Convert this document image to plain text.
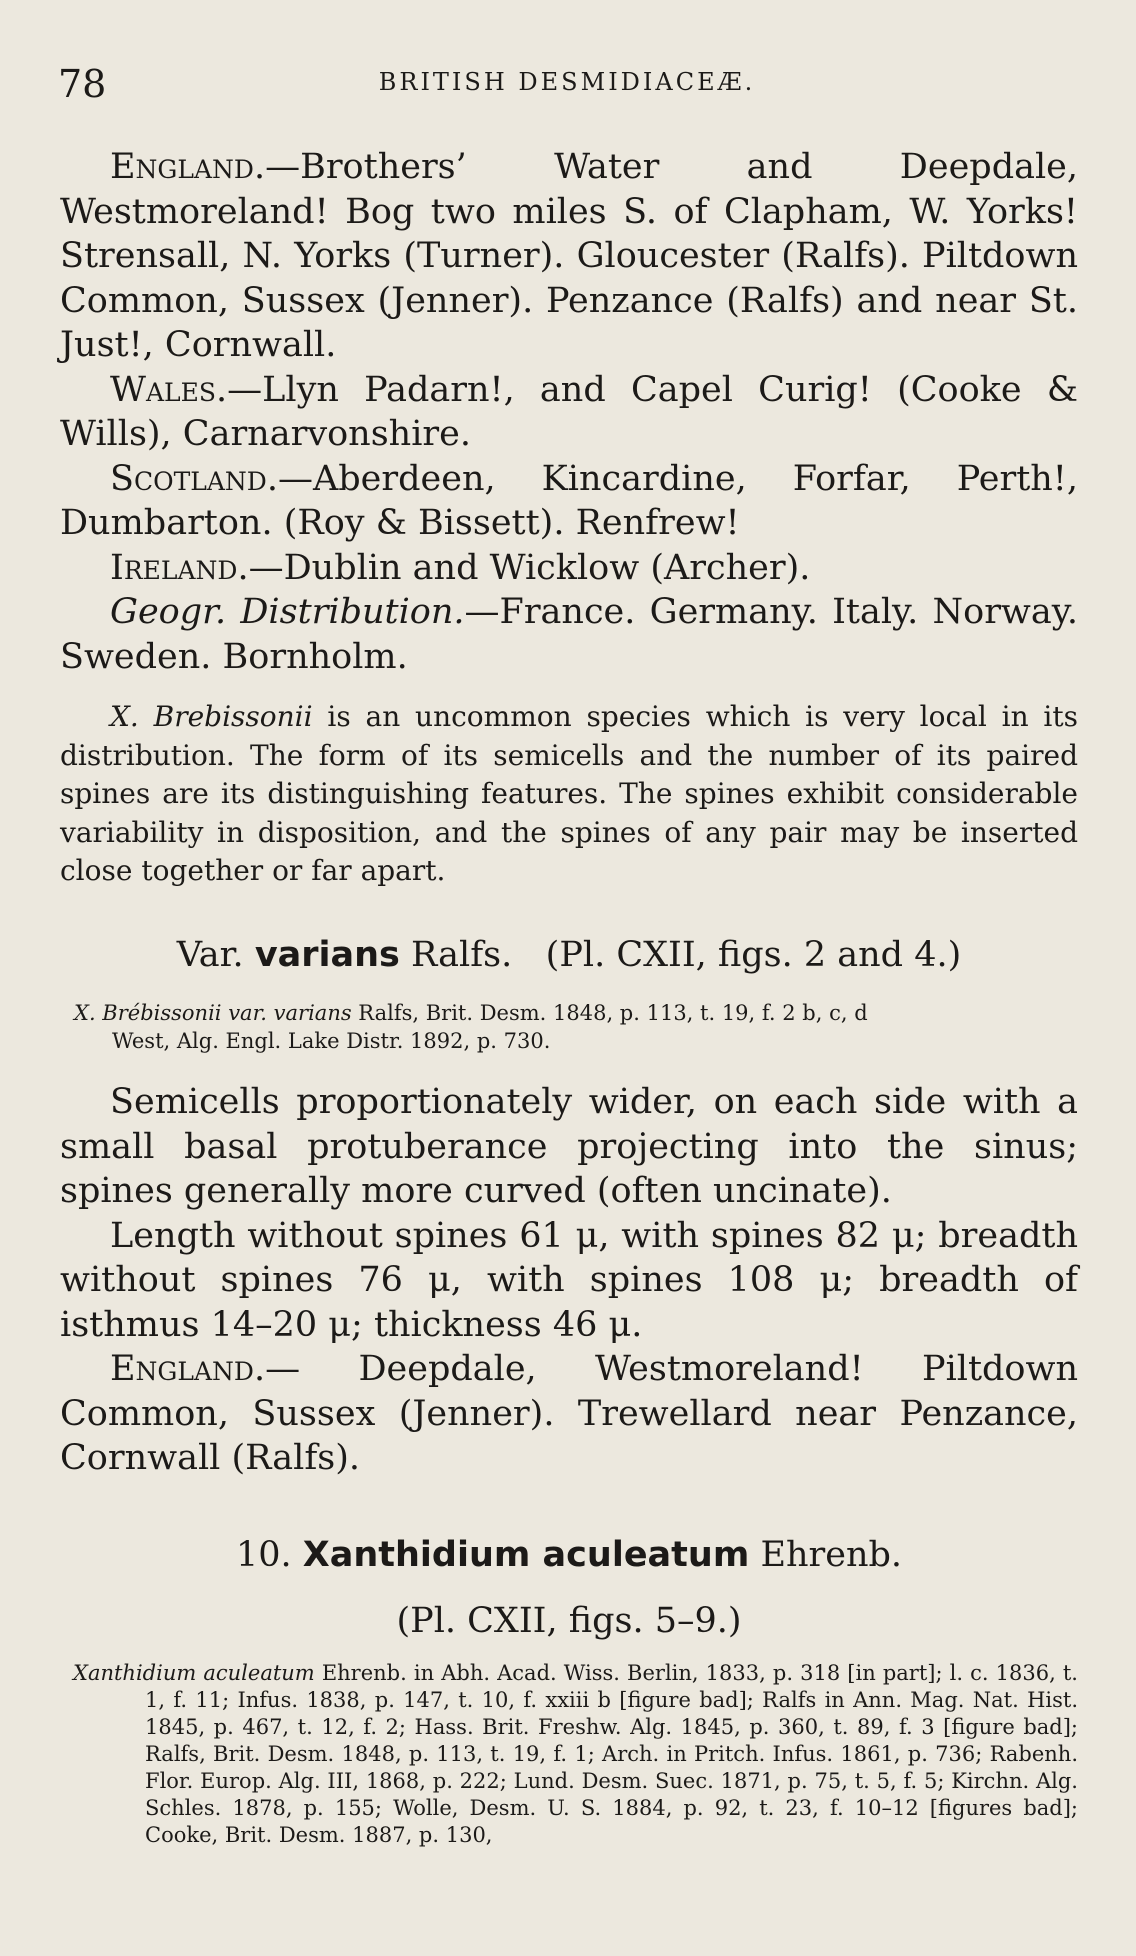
78	BRITISH DESMIDIACEÆ.

England.—Brothers’ Water and Deepdale, Westmoreland! Bog two miles S. of Clapham, W. Yorks! Strensall, N. Yorks (Turner). Gloucester (Ralfs). Piltdown Common, Sussex (Jenner). Penzance (Ralfs) and near St. Just!, Cornwall.

Wales.—Llyn Padarn!, and Capel Curig! (Cooke & Wills), Carnarvonshire.

Scotland.—Aberdeen, Kincardine, Forfar, Perth!, Dumbarton. (Roy & Bissett). Renfrew!

Ireland.—Dublin and Wicklow (Archer).

Geogr. Distribution.—France. Germany. Italy. Norway. Sweden. Bornholm.

X. Brebissonii is an uncommon species which is very local in its distribution. The form of its semicells and the number of its paired spines are its distinguishing features. The spines exhibit considerable variability in disposition, and the spines of any pair may be inserted close together or far apart.

Var. varians Ralfs. (Pl. CXII, figs. 2 and 4.)

X. Brébissonii var. varians Ralfs, Brit. Desm. 1848, p. 113, t. 19, f. 2 b, c, d

West, Alg. Engl. Lake Distr. 1892, p. 730.

Semicells proportionately wider, on each side with a small basal protuberance projecting into the sinus; spines generally more curved (often uncinate).

Length without spines 61 μ, with spines 82 μ; breadth without spines 76 μ, with spines 108 μ; breadth of isthmus 14–20 μ; thickness 46 μ.

England.— Deepdale, Westmoreland! Piltdown Common, Sussex (Jenner). Trewellard near Penzance, Cornwall (Ralfs).

10. Xanthidium aculeatum Ehrenb.

(Pl. CXII, figs. 5–9.)

Xanthidium aculeatum Ehrenb. in Abh. Acad. Wiss. Berlin, 1833, p. 318 [in part]; l. c. 1836, t. 1, f. 11; Infus. 1838, p. 147, t. 10, f. xxiii b [figure bad]; Ralfs in Ann. Mag. Nat. Hist. 1845, p. 467, t. 12, f. 2; Hass. Brit. Freshw. Alg. 1845, p. 360, t. 89, f. 3 [figure bad]; Ralfs, Brit. Desm. 1848, p. 113, t. 19, f. 1; Arch. in Pritch. Infus. 1861, p. 736; Rabenh. Flor. Europ. Alg. III, 1868, p. 222; Lund. Desm. Suec. 1871, p. 75, t. 5, f. 5; Kirchn. Alg. Schles. 1878, p. 155; Wolle, Desm. U. S. 1884, p. 92, t. 23, f. 10–12 [figures bad]; Cooke, Brit. Desm. 1887, p. 130,
